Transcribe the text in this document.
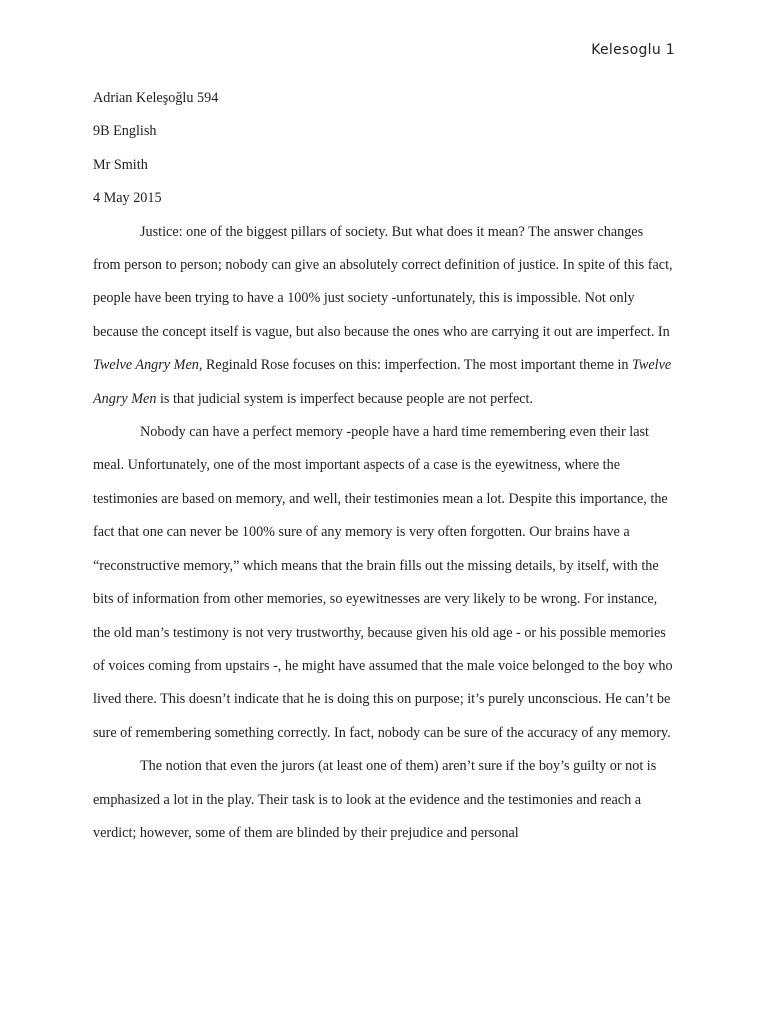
Kelesoglu 1

Adrian Keleşoğlu 594

9B English

Mr Smith

4 May 2015

Justice: one of the biggest pillars of society. But what does it mean? The answer changes from person to person; nobody can give an absolutely correct definition of justice. In spite of this fact, people have been trying to have a 100% just society -unfortunately, this is impossible. Not only because the concept itself is vague, but also because the ones who are carrying it out are imperfect. In Twelve Angry Men, Reginald Rose focuses on this: imperfection. The most important theme in Twelve Angry Men is that judicial system is imperfect because people are not perfect.

Nobody can have a perfect memory -people have a hard time remembering even their last meal. Unfortunately, one of the most important aspects of a case is the eyewitness, where the testimonies are based on memory, and well, their testimonies mean a lot. Despite this importance, the fact that one can never be 100% sure of any memory is very often forgotten. Our brains have a “reconstructive memory,” which means that the brain fills out the missing details, by itself, with the bits of information from other memories, so eyewitnesses are very likely to be wrong. For instance, the old man’s testimony is not very trustworthy, because given his old age - or his possible memories of voices coming from upstairs -, he might have assumed that the male voice belonged to the boy who lived there. This doesn’t indicate that he is doing this on purpose; it’s purely unconscious. He can’t be sure of remembering something correctly. In fact, nobody can be sure of the accuracy of any memory.

The notion that even the jurors (at least one of them) aren’t sure if the boy’s guilty or not is emphasized a lot in the play. Their task is to look at the evidence and the testimonies and reach a verdict; however, some of them are blinded by their prejudice and personal
